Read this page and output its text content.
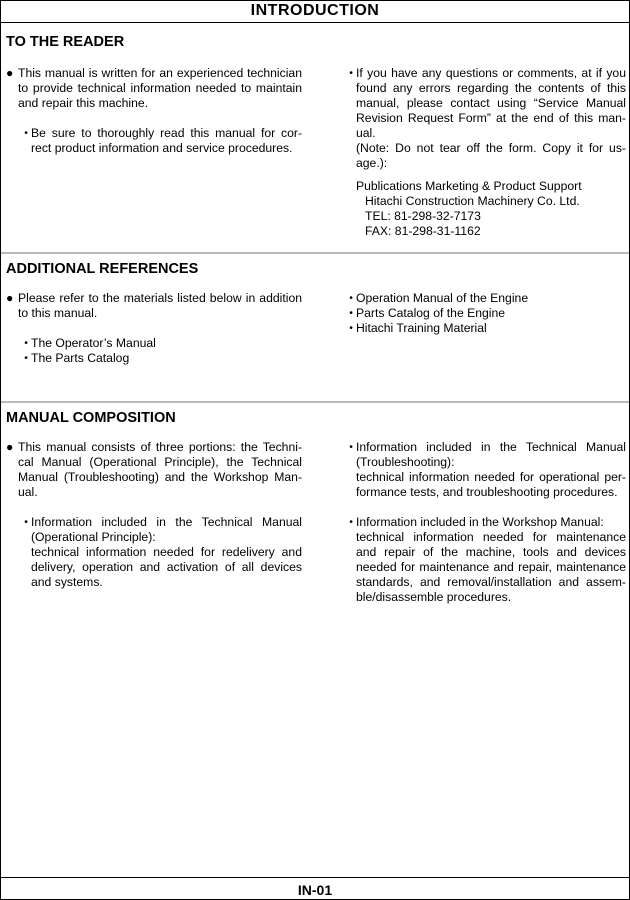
INTRODUCTION
TO THE READER
● This manual is written for an experienced technician to provide technical information needed to maintain and repair this machine.
・
Be sure to thoroughly read this manual for cor-rect product information and service procedures.
・
If you have any questions or comments, at if you found any errors regarding the contents of this manual, please contact using “Service Manual Revision Request Form” at the end of this man-ual.
(Note: Do not tear off the form. Copy it for us-age.):
Publications Marketing & Product Support
Hitachi Construction Machinery Co. Ltd.
TEL: 81-298-32-7173
FAX: 81-298-31-1162
ADDITIONAL REFERENCES
● Please refer to the materials listed below in addition to this manual.
・
The Operator’s Manual
・
The Parts Catalog
・
Operation Manual of the Engine
・
Parts Catalog of the Engine
・
Hitachi Training Material
MANUAL COMPOSITION
● This manual consists of three portions: the Techni-cal Manual (Operational Principle), the Technical Manual (Troubleshooting) and the Workshop Man-ual.
・
Information included in the Technical Manual (Operational Principle):
technical information needed for redelivery and delivery, operation and activation of all devices and systems.
・
Information included in the Technical Manual (Troubleshooting):
technical information needed for operational per-formance tests, and troubleshooting procedures.
・
Information included in the Workshop Manual:
technical information needed for maintenance and repair of the machine, tools and devices needed for maintenance and repair, maintenance standards, and removal/installation and assem-ble/disassemble procedures.
IN-01
